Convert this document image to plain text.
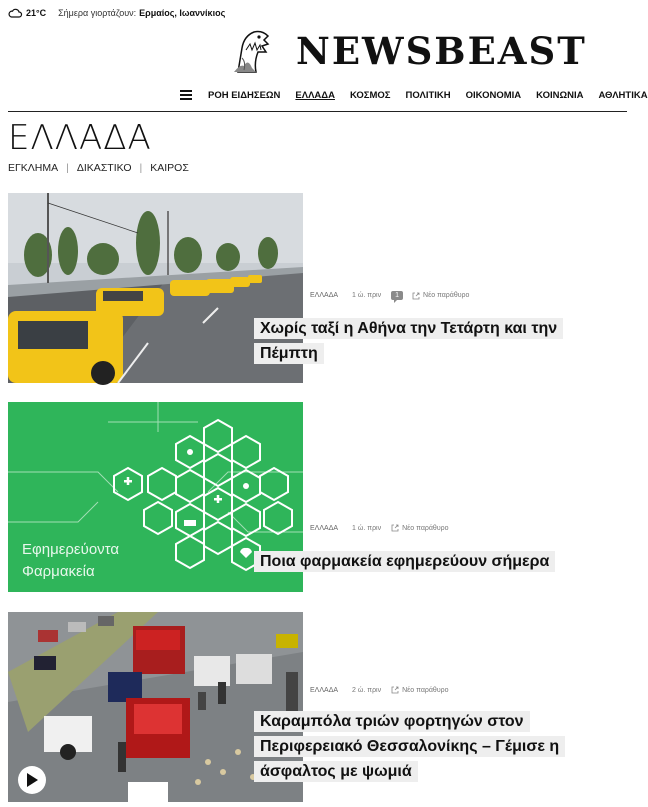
21°C Σήμερα γιορτάζουν: Ερμαίος, Ιωαννίκιος
NEWSBEAST
ΡΟΗ ΕΙΔΗΣΕΩΝ ΕΛΛΑΔΑ ΚΟΣΜΟΣ ΠΟΛΙΤΙΚΗ ΟΙΚΟΝΟΜΙΑ ΚΟΙΝΩΝΙΑ ΑΘΛΗΤΙΚΑ
ΕΛΛΑΔΑ
ΕΓΚΛΗΜΑ | ΔΙΚΑΣΤΙΚΟ | ΚΑΙΡΟΣ
ΕΛΛΑΔΑ 1 ώ. πριν	1	Νέο παράθυρο
Χωρίς ταξί η Αθήνα την Τετάρτη και την Πέμπτη
Εφημερεύοντα
Φαρμακεία
ΕΛΛΑΔΑ 1 ώ. πριν	Νέο παράθυρο
Ποια φαρμακεία εφημερεύουν σήμερα
ΕΛΛΑΔΑ 2 ώ. πριν	Νέο παράθυρο
Καραμπόλα τριών φορτηγών στον Περιφερειακό Θεσσαλονίκης – Γέμισε η άσφαλτος με ψωμιά
